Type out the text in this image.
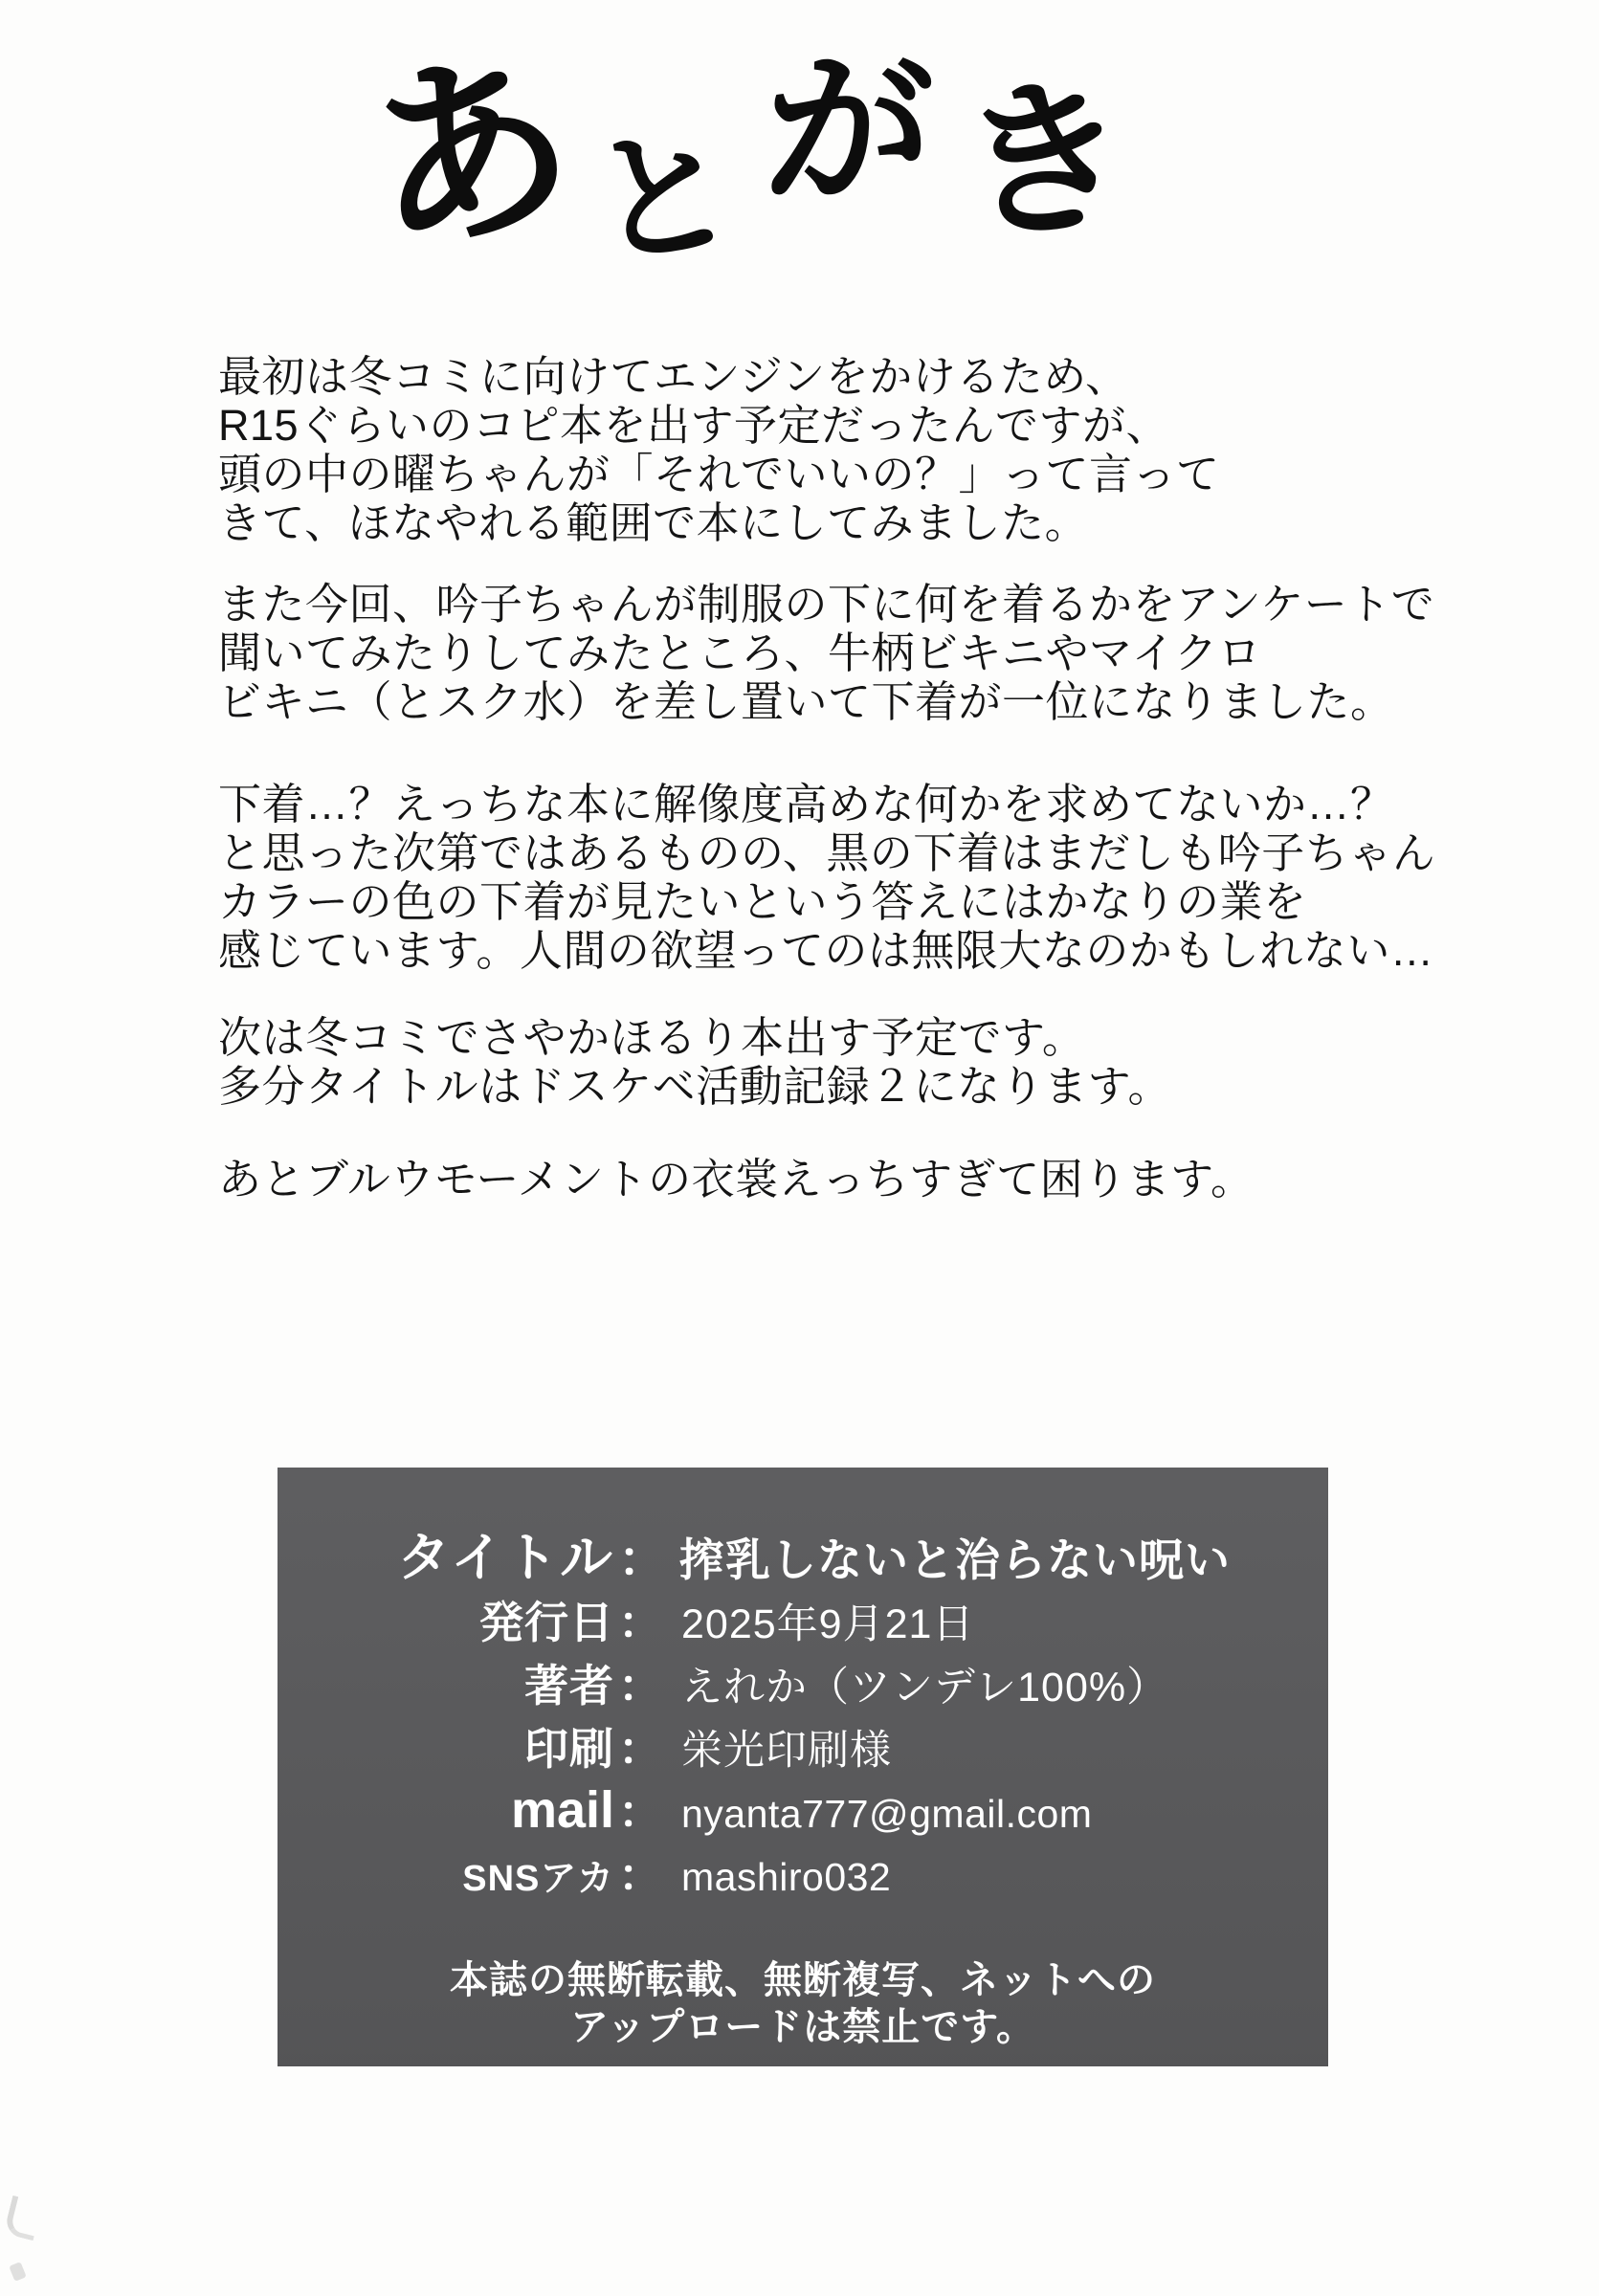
あと が き

最初は冬コミに向けてエンジンをかけるため、
R15ぐらいのコピ本を出す予定だったんですが、
頭の中の曜ちゃんが「それでいいの？」って言って
きて、ほなやれる範囲で本にしてみました。

また今回、吟子ちゃんが制服の下に何を着るかをアンケートで
聞いてみたりしてみたところ、牛柄ビキニやマイクロ
ビキニ（とスク水）を差し置いて下着が一位になりました。

下着…？えっちな本に解像度高めな何かを求めてないか…？
と思った次第ではあるものの、黒の下着はまだしも吟子ちゃん
カラーの色の下着が見たいという答えにはかなりの業を
感じています。人間の欲望ってのは無限大なのかもしれない…

次は冬コミでさやかほるり本出す予定です。
多分タイトルはドスケベ活動記録２になります。

あとブルウモーメントの衣裳えっちすぎて困ります。

タイトル ： 搾乳しないと治らない呪い
発行日 ： 2025年9月21日
著者 ： えれか（ツンデレ100%）
印刷 ： 栄光印刷様
mail ： nyanta777@gmail.com
SNSアカ ： mashiro032
本誌の無断転載、無断複写、ネットへの
アップロードは禁止です。
